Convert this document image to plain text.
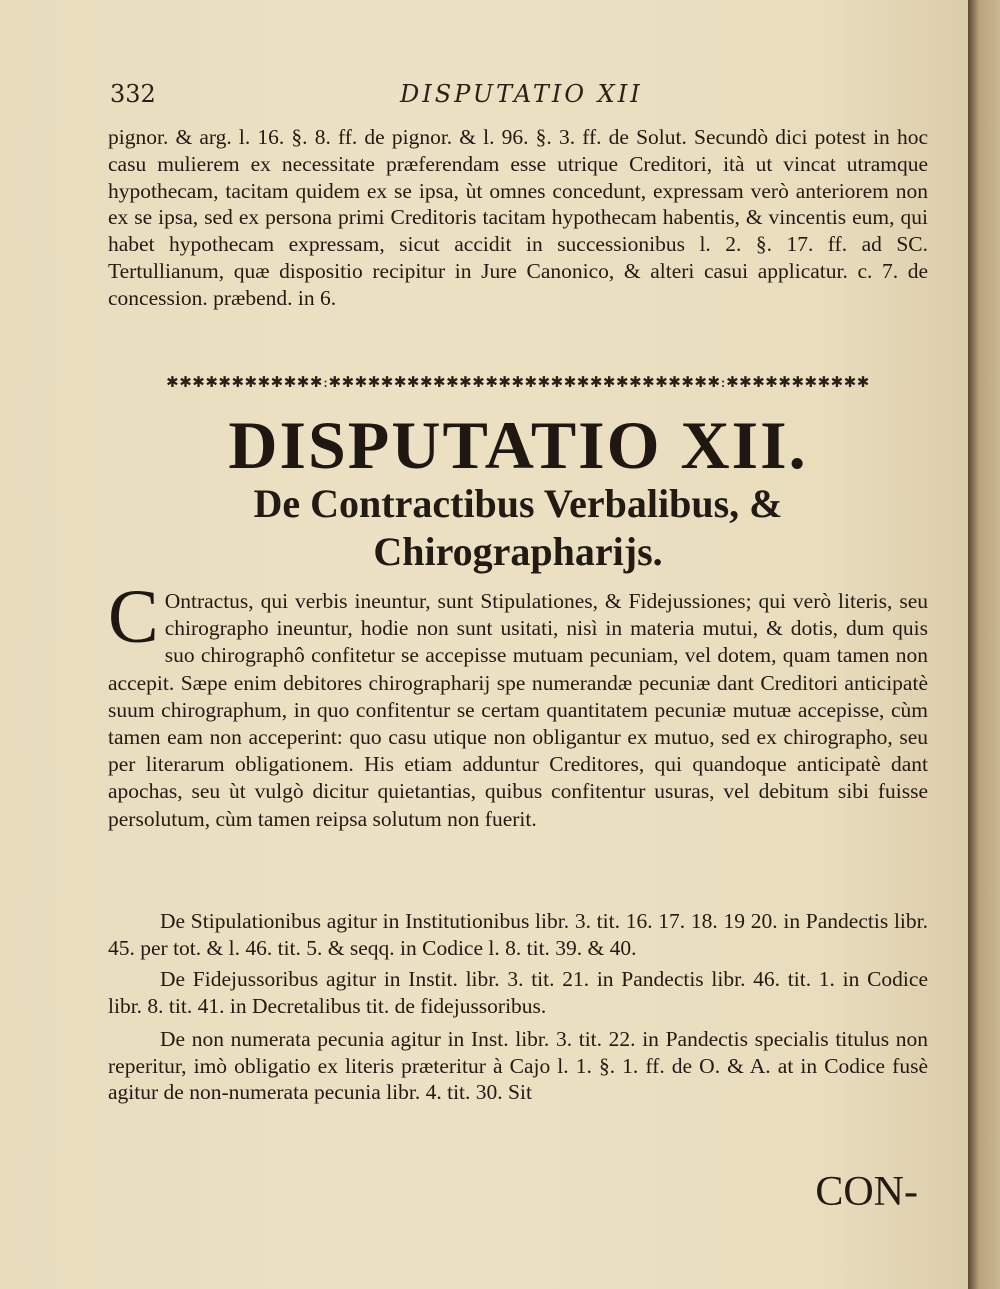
332	DISPUTATIO XII

pignor. & arg. l. 16. §. 8. ff. de pignor. & l. 96. §. 3. ff. de Solut. Secundò dici potest in hoc casu mulierem ex necessitate præferendam esse utrique Creditori, ità ut vincat utramque hypothecam, tacitam quidem ex se ipsa, ùt omnes concedunt, expressam verò anteriorem non ex se ipsa, sed ex persona primi Creditoris tacitam hypothecam habentis, & vincentis eum, qui habet hypothecam expressam, sicut accidit in successionibus l. 2. §. 17. ff. ad SC. Tertullianum, quæ dispositio recipitur in Jure Canonico, & alteri casui applicatur. c. 7. de concession. præbend. in 6.

✱✱✱✱✱✱✱✱✱✱✱✱:✱✱✱✱✱✱✱✱✱✱✱✱✱✱✱✱✱✱✱✱✱✱✱✱✱✱✱✱✱✱:✱✱✱✱✱✱✱✱✱✱✱
DISPUTATIO XII.
De Contractibus Verbalibus, & Chirographarijs.

C Ontractus, qui verbis ineuntur, sunt Stipulationes, & Fidejussiones; qui verò literis, seu chirographo ineuntur, hodie non sunt usitati, nisì in materia mutui, & dotis, dum quis suo chirographô confitetur se accepisse mutuam pecuniam, vel dotem, quam tamen non accepit. Sæpe enim debitores chirographarij spe numerandæ pecuniæ dant Creditori anticipatè suum chirographum, in quo confitentur se certam quantitatem pecuniæ mutuæ accepisse, cùm tamen eam non acceperint: quo casu utique non obligantur ex mutuo, sed ex chirographo, seu per literarum obligationem. His etiam adduntur Creditores, qui quandoque anticipatè dant apochas, seu ùt vulgò dicitur quietantias, quibus confitentur usuras, vel debitum sibi fuisse persolutum, cùm tamen reipsa solutum non fuerit.

De Stipulationibus agitur in Institutionibus libr. 3. tit. 16. 17. 18. 19 20. in Pandectis libr. 45. per tot. & l. 46. tit. 5. & seqq. in Codice l. 8. tit. 39. & 40.

De Fidejussoribus agitur in Instit. libr. 3. tit. 21. in Pandectis libr. 46. tit. 1. in Codice libr. 8. tit. 41. in Decretalibus tit. de fidejussoribus.

De non numerata pecunia agitur in Inst. libr. 3. tit. 22. in Pandectis specialis titulus non reperitur, imò obligatio ex literis præteritur à Cajo l. 1. §. 1. ff. de O. & A. at in Codice fusè agitur de non-numerata pecunia libr. 4. tit. 30. Sit

CON-
